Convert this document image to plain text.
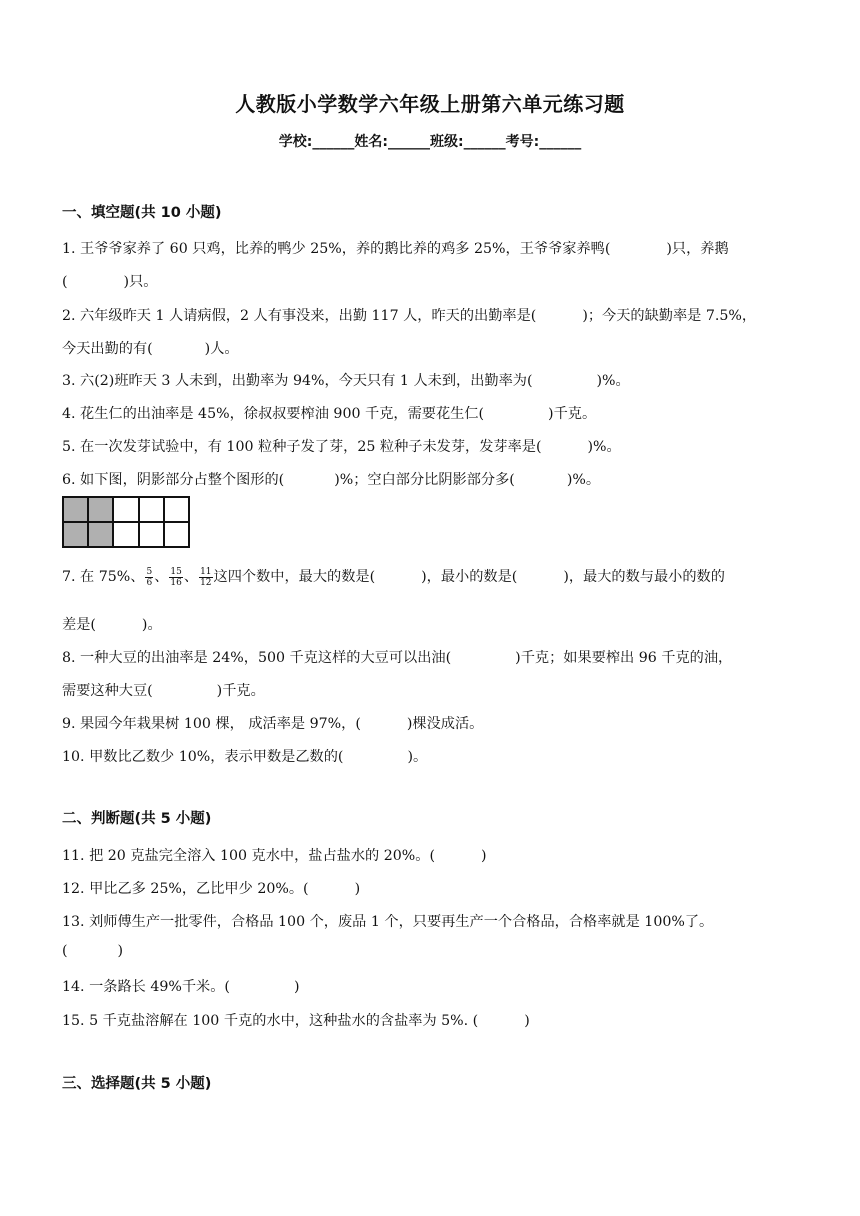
人教版小学数学六年级上册第六单元练习题
学校:______姓名:______班级:______考号:______
一、填空题(共 10 小题)
1. 王爷爷家养了 60 只鸡，比养的鸭少 25%，养的鹅比养的鸡多 25%，王爷爷家养鸭(	)只，养鹅
(	)只。
2. 六年级昨天 1 人请病假，2 人有事没来，出勤 117 人，昨天的出勤率是(	)；今天的缺勤率是 7.5%，
今天出勤的有(	)人。
3. 六(2)班昨天 3 人未到，出勤率为 94%，今天只有 1 人未到，出勤率为(	)%。
4. 花生仁的出油率是 45%，徐叔叔要榨油 900 千克，需要花生仁(	)千克。
5. 在一次发芽试验中，有 100 粒种子发了芽，25 粒种子未发芽，发芽率是(	)%。
6. 如下图，阴影部分占整个图形的(	)%；空白部分比阴影部分多(	)%。
7. 在 75%、 $\frac{5}{6}$ 、 $\frac{15}{16}$ 、 $\frac{11}{12}$ 这四个数中，最大的数是(	)，最小的数是(	)，最大的数与最小的数的
差是(	)。
8. 一种大豆的出油率是 24%，500 千克这样的大豆可以出油(	)千克；如果要榨出 96 千克的油，
需要这种大豆(	)千克。
9. 果园今年栽果树 100 棵， 成活率是 97%，(	)棵没成活。
10. 甲数比乙数少 10%，表示甲数是乙数的(	)。
二、判断题(共 5 小题)
11. 把 20 克盐完全溶入 100 克水中，盐占盐水的 20%。(	)
12. 甲比乙多 25%，乙比甲少 20%。(	)
13. 刘师傅生产一批零件，合格品 100 个，废品 1 个，只要再生产一个合格品，合格率就是 100%了。
(	)
14. 一条路长 49%千米。(	)
15. 5 千克盐溶解在 100 千克的水中，这种盐水的含盐率为 5%. (	)
三、选择题(共 5 小题)
